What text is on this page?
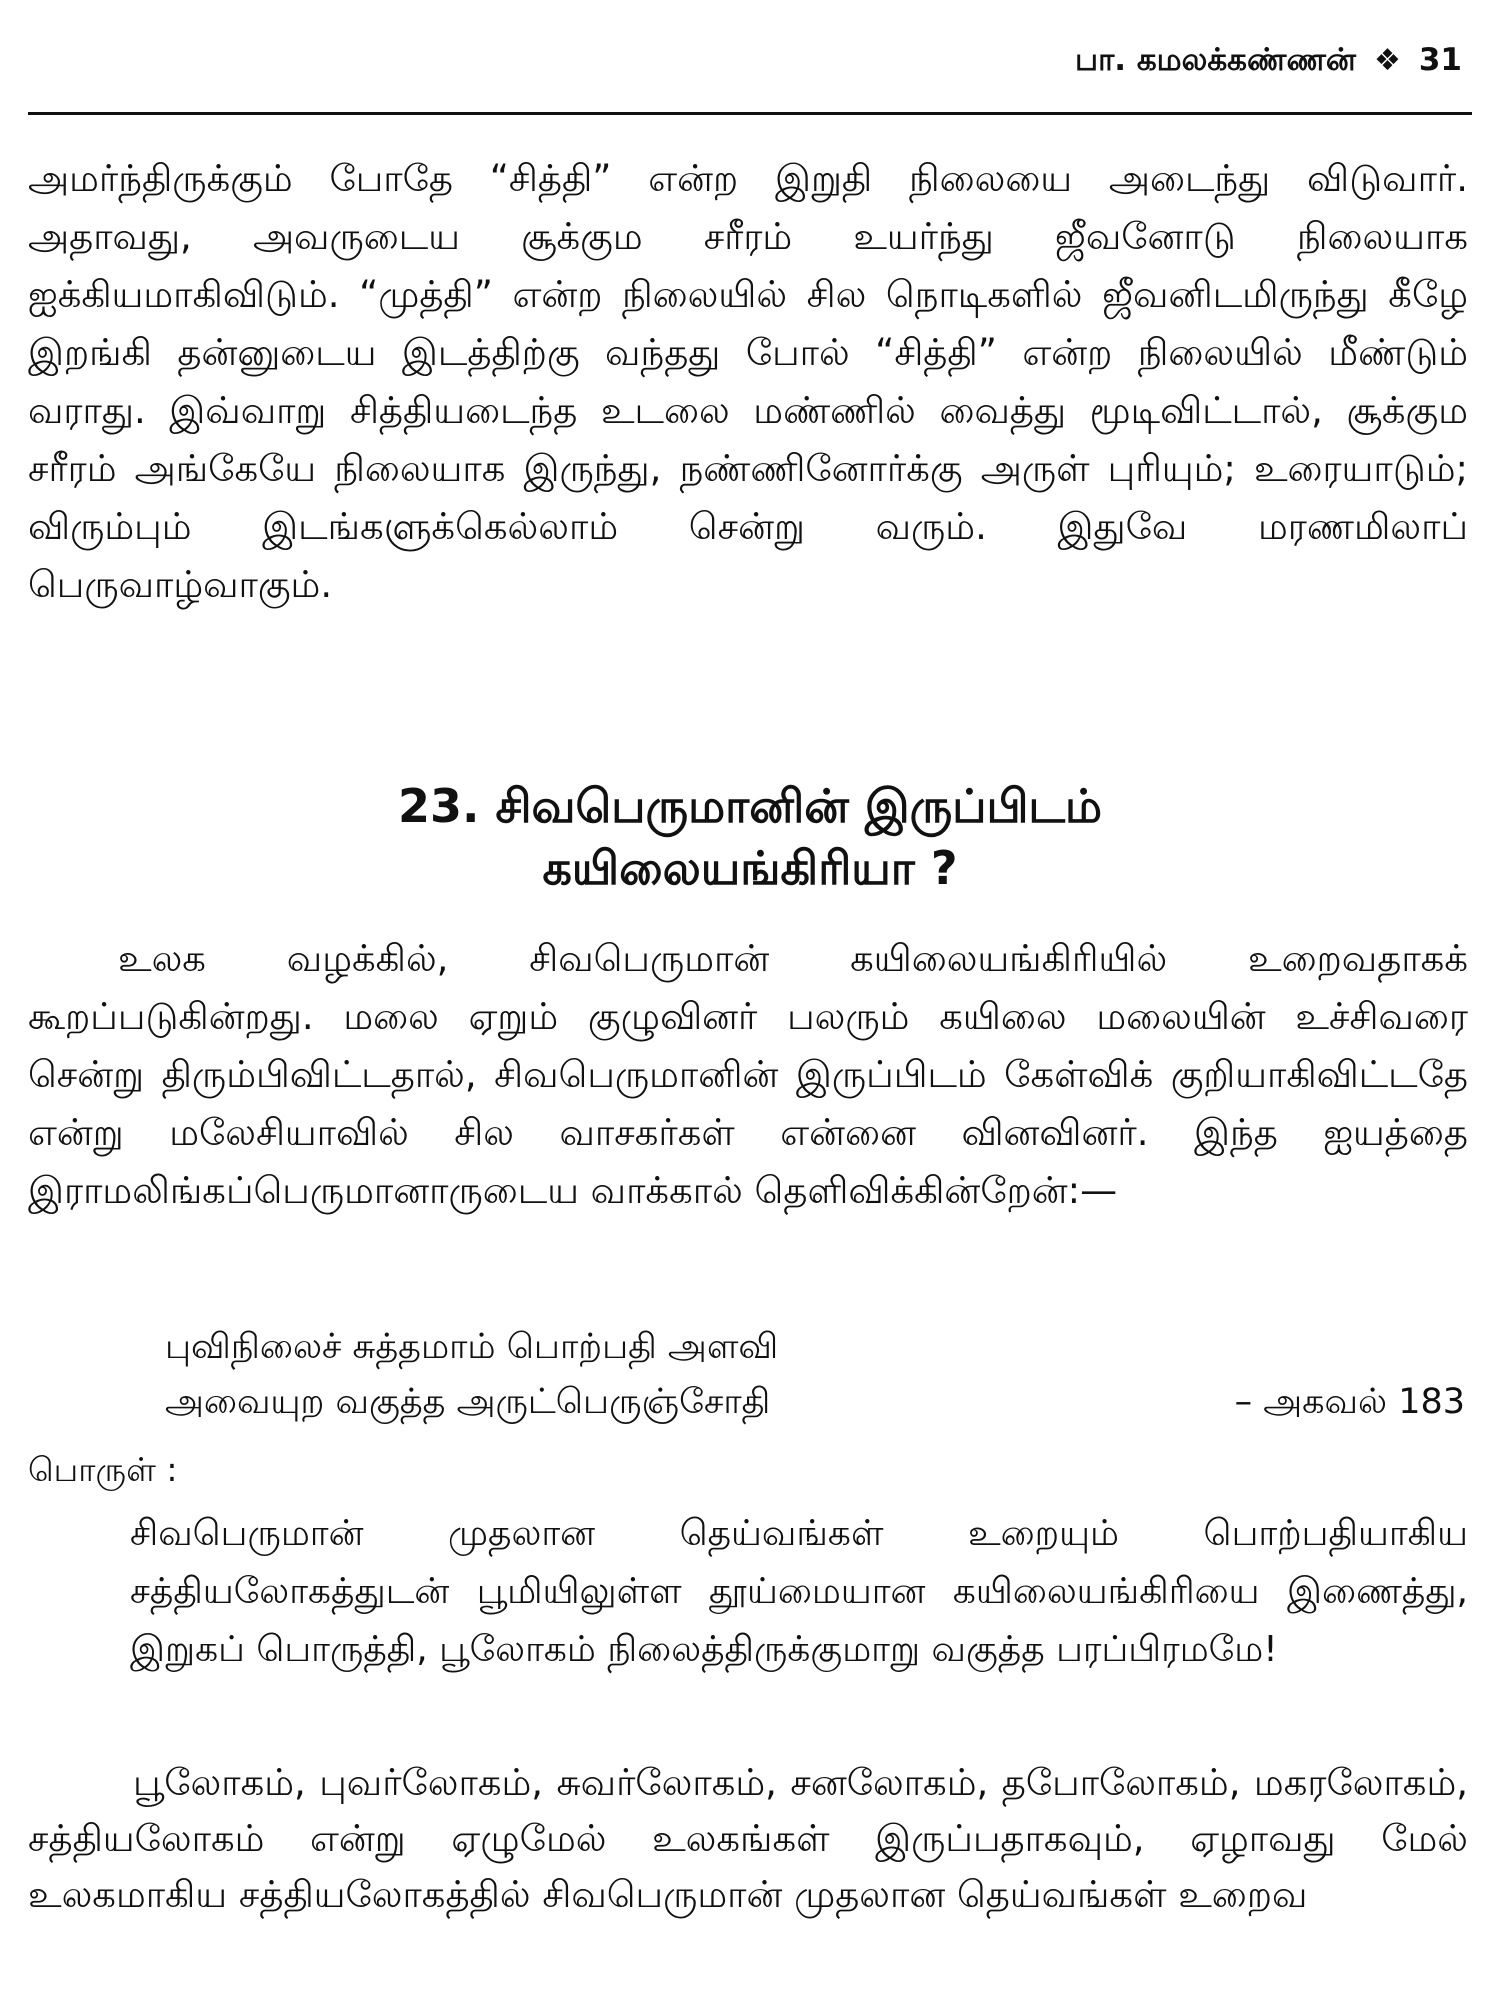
பா. கமலக்கண்ணன் ❖ 31

அமர்ந்திருக்கும் போதே “சித்தி” என்ற இறுதி நிலையை அடைந்து விடுவார். அதாவது, அவருடைய சூக்கும சரீரம் உயர்ந்து ஜீவனோடு நிலையாக ஐக்கியமாகிவிடும். “முத்தி” என்ற நிலையில் சில நொடிகளில் ஜீவனிடமிருந்து கீழே இறங்கி தன்னுடைய இடத்திற்கு வந்தது போல் “சித்தி” என்ற நிலையில் மீண்டும் வராது. இவ்வாறு சித்தியடைந்த உடலை மண்ணில் வைத்து மூடிவிட்டால், சூக்கும சரீரம் அங்கேயே நிலையாக இருந்து, நண்ணினோர்க்கு அருள் புரியும்; உரையாடும்; விரும்பும் இடங்களுக்கெல்லாம் சென்று வரும். இதுவே மரணமிலாப் பெருவாழ்வாகும்.

23. சிவபெருமானின் இருப்பிடம்
கயிலையங்கிரியா ?

உலக வழக்கில், சிவபெருமான் கயிலையங்கிரியில் உறைவதாகக் கூறப்படுகின்றது. மலை ஏறும் குழுவினர் பலரும் கயிலை மலையின் உச்சிவரை சென்று திரும்பிவிட்டதால், சிவபெருமானின் இருப்பிடம் கேள்விக் குறியாகிவிட்டதே என்று மலேசியாவில் சில வாசகர்கள் என்னை வினவினர். இந்த ஐயத்தை இராமலிங்கப்பெருமானாருடைய வாக்கால் தெளிவிக்கின்றேன்:—

புவிநிலைச் சுத்தமாம் பொற்பதி அளவி
அவையுற வகுத்த அருட்பெருஞ்சோதி	– அகவல் 183
பொருள் :

சிவபெருமான் முதலான தெய்வங்கள் உறையும் பொற்பதியாகிய சத்தியலோகத்துடன் பூமியிலுள்ள தூய்மையான கயிலையங்கிரியை இணைத்து, இறுகப் பொருத்தி, பூலோகம் நிலைத்திருக்குமாறு வகுத்த பரப்பிரமமே!

பூலோகம், புவர்லோகம், சுவர்லோகம், சனலோகம், தபோலோகம், மகரலோகம், சத்தியலோகம் என்று ஏழுமேல் உலகங்கள் இருப்பதாகவும், ஏழாவது மேல் உலகமாகிய சத்தியலோகத்தில் சிவபெருமான் முதலான தெய்வங்கள் உறைவ
